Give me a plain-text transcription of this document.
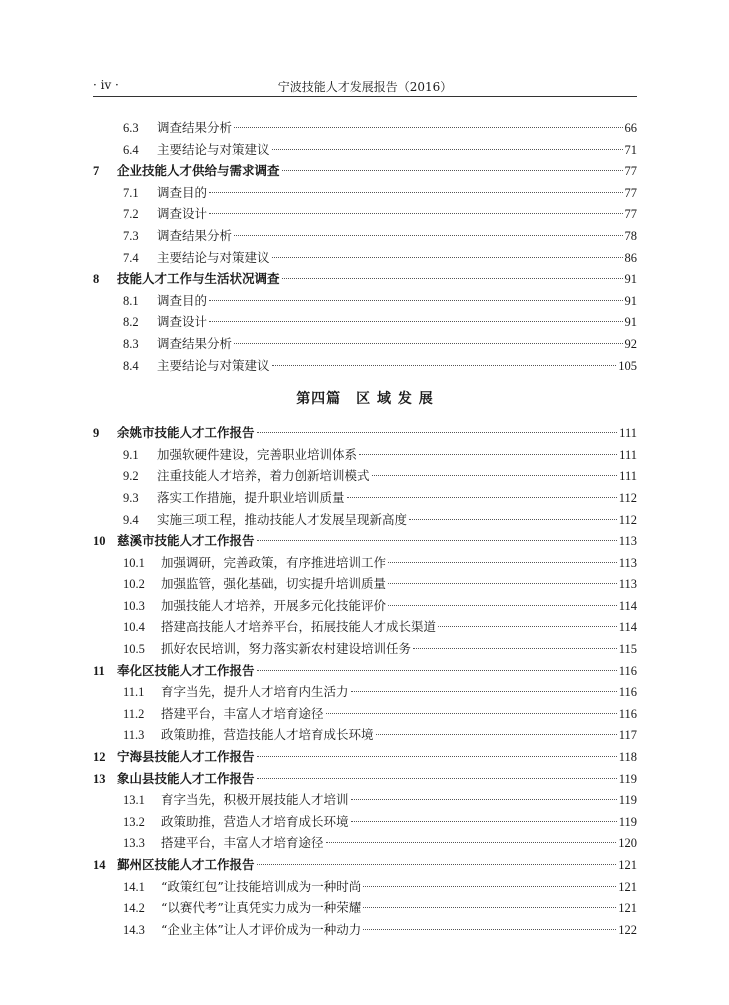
· iv ·	宁波技能人才发展报告（2016）
6.3	调查结果分析	66
6.4	主要结论与对策建议	71
7	企业技能人才供给与需求调查	77
7.1	调查目的	77
7.2	调查设计	77
7.3	调查结果分析	78
7.4	主要结论与对策建议	86
8	技能人才工作与生活状况调查	91
8.1	调查目的	91
8.2	调查设计	91
8.3	调查结果分析	92
8.4	主要结论与对策建议	105
第四篇　区 域 发 展
9	余姚市技能人才工作报告	111
9.1	加强软硬件建设，完善职业培训体系	111
9.2	注重技能人才培养，着力创新培训模式	111
9.3	落实工作措施，提升职业培训质量	112
9.4	实施三项工程，推动技能人才发展呈现新高度	112
10 慈溪市技能人才工作报告	113
10.1	加强调研，完善政策，有序推进培训工作	113
10.2	加强监管，强化基础，切实提升培训质量	113
10.3	加强技能人才培养，开展多元化技能评价	114
10.4	搭建高技能人才培养平台，拓展技能人才成长渠道	114
10.5	抓好农民培训，努力落实新农村建设培训任务	115
11 奉化区技能人才工作报告	116
11.1	育字当先，提升人才培育内生活力	116
11.2	搭建平台，丰富人才培育途径	116
11.3	政策助推，营造技能人才培育成长环境	117
12 宁海县技能人才工作报告	118
13 象山县技能人才工作报告	119
13.1	育字当先，积极开展技能人才培训	119
13.2	政策助推，营造人才培育成长环境	119
13.3	搭建平台，丰富人才培育途径	120
14 鄞州区技能人才工作报告	121
14.1	“政策红包”让技能培训成为一种时尚	121
14.2	“以赛代考”让真凭实力成为一种荣耀	121
14.3	“企业主体”让人才评价成为一种动力	122
